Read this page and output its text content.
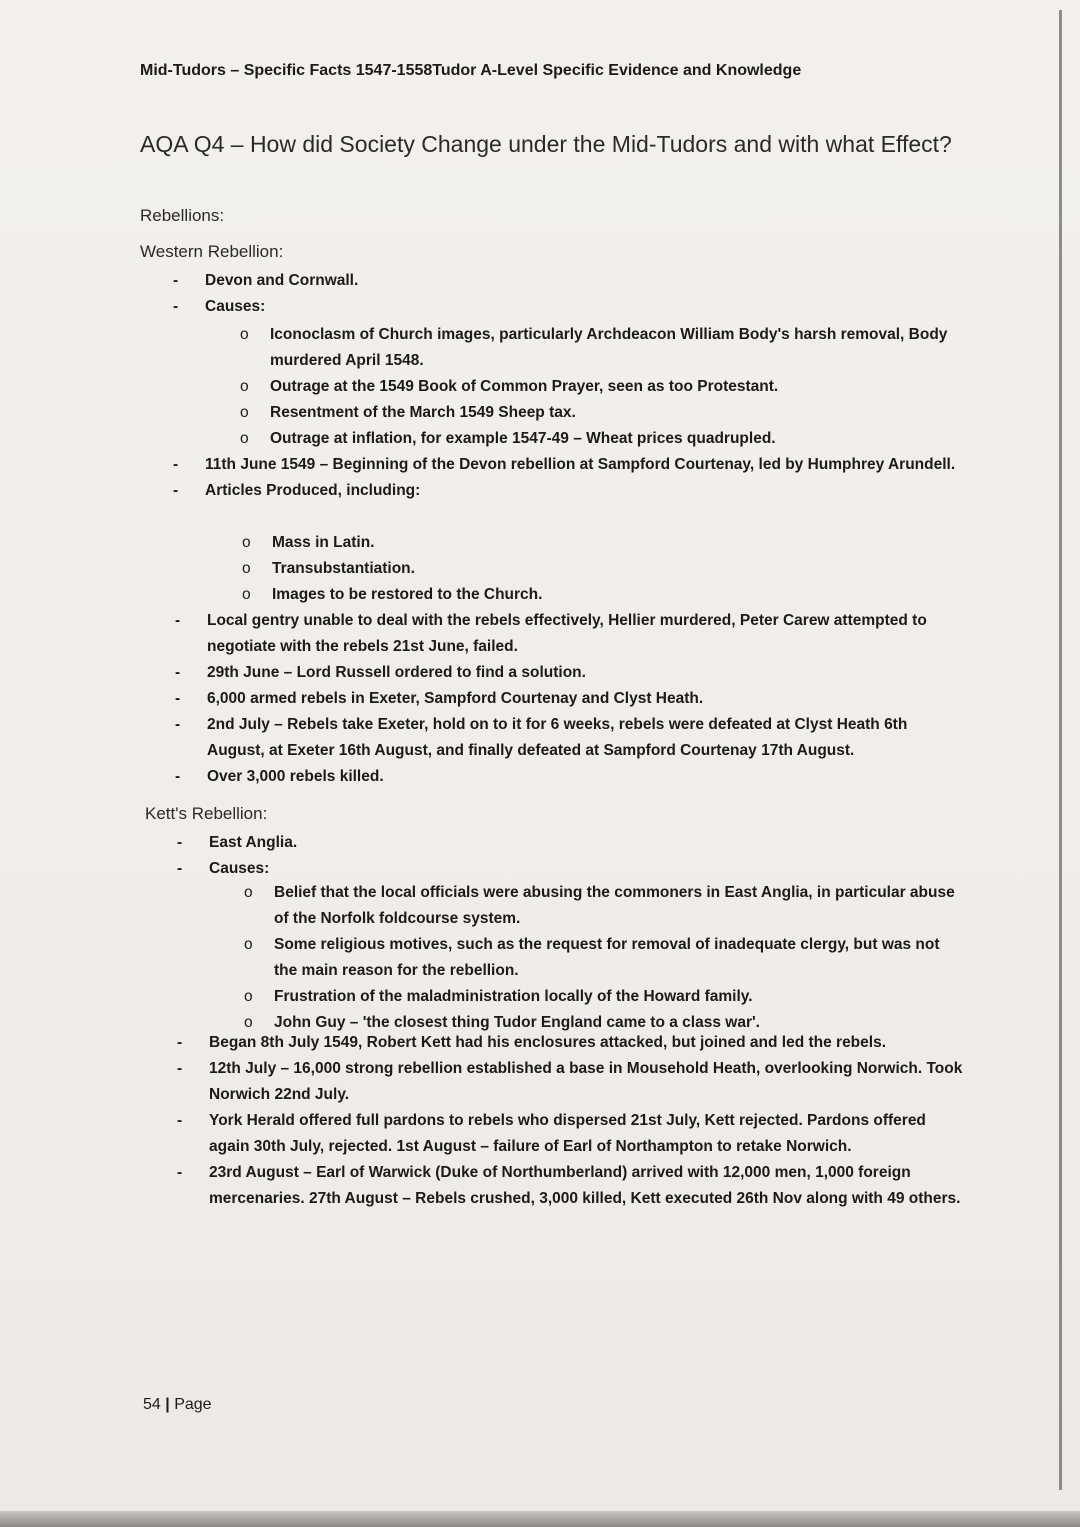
Mid-Tudors – Specific Facts 1547-1558Tudor A-Level Specific Evidence and Knowledge
AQA Q4 – How did Society Change under the Mid-Tudors and with what Effect?
Rebellions:
Western Rebellion:
- Devon and Cornwall.
- Causes:
o Iconoclasm of Church images, particularly Archdeacon William Body's harsh removal, Body murdered April 1548.
o Outrage at the 1549 Book of Common Prayer, seen as too Protestant.
o Resentment of the March 1549 Sheep tax.
o Outrage at inflation, for example 1547-49 – Wheat prices quadrupled.
- 11th June 1549 – Beginning of the Devon rebellion at Sampford Courtenay, led by Humphrey Arundell.
- Articles Produced, including:
o Mass in Latin.
o Transubstantiation.
o Images to be restored to the Church.
- Local gentry unable to deal with the rebels effectively, Hellier murdered, Peter Carew attempted to negotiate with the rebels 21st June, failed.
- 29th June – Lord Russell ordered to find a solution.
- 6,000 armed rebels in Exeter, Sampford Courtenay and Clyst Heath.
- 2nd July – Rebels take Exeter, hold on to it for 6 weeks, rebels were defeated at Clyst Heath 6th August, at Exeter 16th August, and finally defeated at Sampford Courtenay 17th August.
- Over 3,000 rebels killed.
Kett's Rebellion:
- East Anglia.
- Causes:
o Belief that the local officials were abusing the commoners in East Anglia, in particular abuse of the Norfolk foldcourse system.
o Some religious motives, such as the request for removal of inadequate clergy, but was not the main reason for the rebellion.
o Frustration of the maladministration locally of the Howard family.
o John Guy – 'the closest thing Tudor England came to a class war'.
- Began 8th July 1549, Robert Kett had his enclosures attacked, but joined and led the rebels.
- 12th July – 16,000 strong rebellion established a base in Mousehold Heath, overlooking Norwich. Took Norwich 22nd July.
- York Herald offered full pardons to rebels who dispersed 21st July, Kett rejected. Pardons offered again 30th July, rejected. 1st August – failure of Earl of Northampton to retake Norwich.
- 23rd August – Earl of Warwick (Duke of Northumberland) arrived with 12,000 men, 1,000 foreign mercenaries. 27th August – Rebels crushed, 3,000 killed, Kett executed 26th Nov along with 49 others.
54 | Page
